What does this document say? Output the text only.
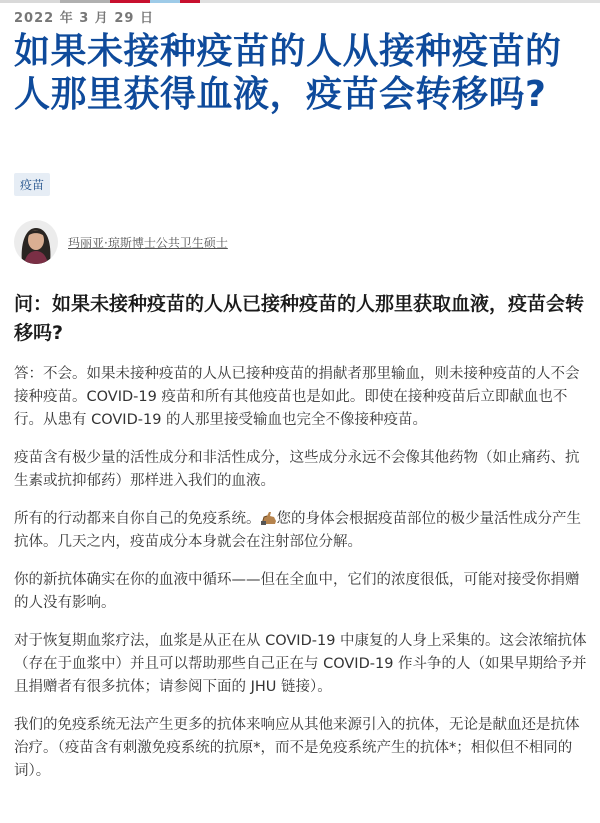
2022 年 3 月 29 日
如果未接种疫苗的人从接种疫苗的人那里获得血液，疫苗会转移吗?
疫苗
玛丽亚·琼斯博士公共卫生硕士
问：如果未接种疫苗的人从已接种疫苗的人那里获取血液，疫苗会转移吗?

答：不会。如果未接种疫苗的人从已接种疫苗的捐献者那里输血，则未接种疫苗的人不会接种疫苗。COVID-19 疫苗和所有其他疫苗也是如此。即使在接种疫苗后立即献血也不行。从患有 COVID-19 的人那里接受输血也完全不像接种疫苗。

疫苗含有极少量的活性成分和非活性成分，这些成分永远不会像其他药物（如止痛药、抗生素或抗抑郁药）那样进入我们的血液。

所有的行动都来自你自己的免疫系统。 您的身体会根据疫苗部位的极少量活性成分产生抗体。几天之内，疫苗成分本身就会在注射部位分解。

你的新抗体确实在你的血液中循环——但在全血中，它们的浓度很低，可能对接受你捐赠的人没有影响。

对于恢复期血浆疗法，血浆是从正在从 COVID-19 中康复的人身上采集的。这会浓缩抗体（存在于血浆中）并且可以帮助那些自己正在与 COVID-19 作斗争的人（如果早期给予并且捐赠者有很多抗体；请参阅下面的 JHU 链接）。

我们的免疫系统无法产生更多的抗体来响应从其他来源引入的抗体，无论是献血还是抗体治疗。（疫苗含有刺激免疫系统的抗原*，而不是免疫系统产生的抗体*；相似但不相同的词）。
